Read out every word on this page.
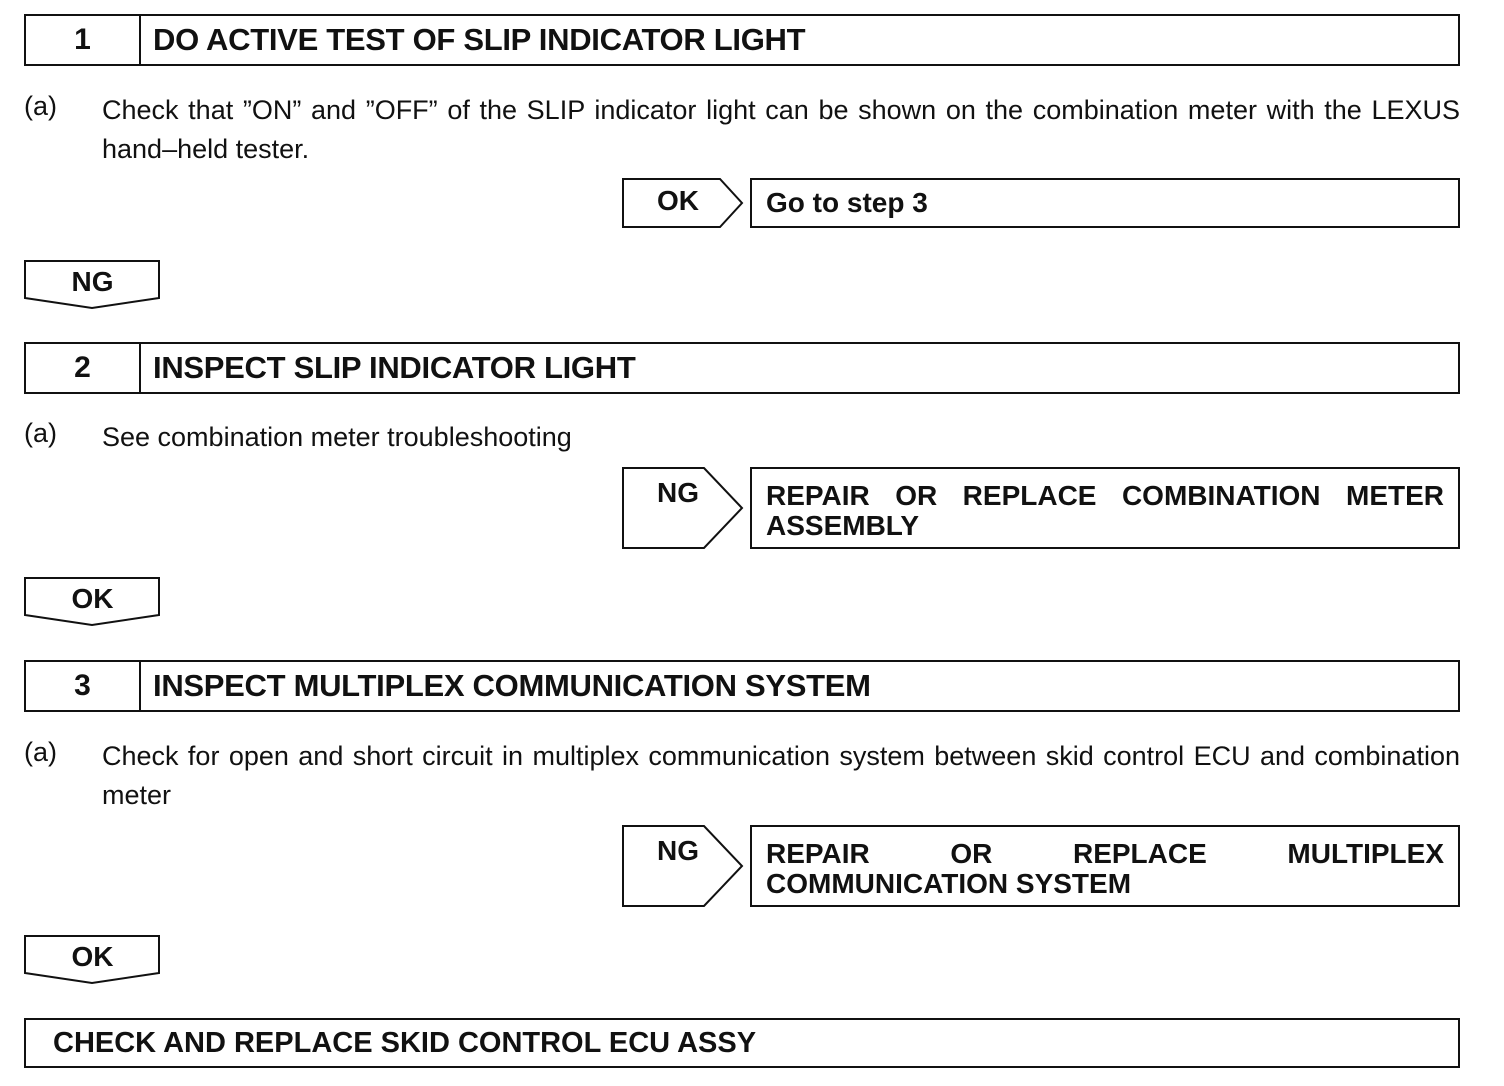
1	DO ACTIVE TEST OF SLIP INDICATOR LIGHT
(a) Check that ”ON” and ”OFF” of the SLIP indicator light can be shown on the combination meter with the LEXUS hand–held tester.
OK	Go to step 3
NG
2	INSPECT SLIP INDICATOR LIGHT
(a) See combination meter troubleshooting
NG	REPAIR OR REPLACE COMBINATION METER ASSEMBLY
OK
3	INSPECT MULTIPLEX COMMUNICATION SYSTEM
(a) Check for open and short circuit in multiplex communication system between skid control ECU and combination meter
NG	REPAIR OR REPLACE MULTIPLEX COMMUNICATION SYSTEM
OK
CHECK AND REPLACE SKID CONTROL ECU ASSY
